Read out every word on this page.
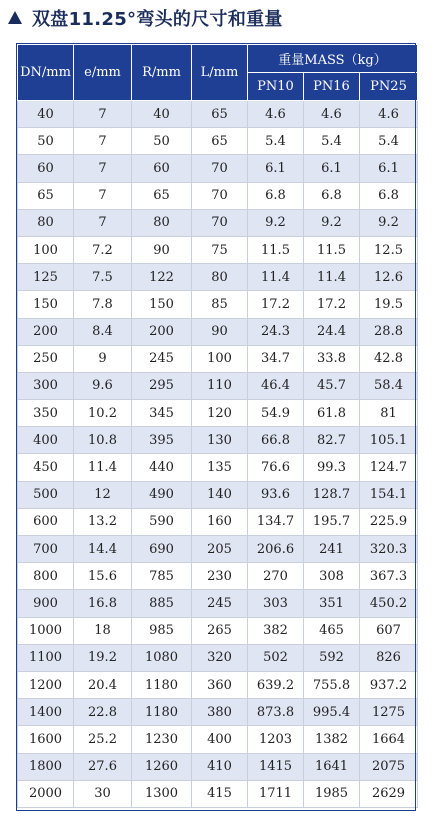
双盘11.25°弯头的尺寸和重量
DN/mm	e/mm	R/mm	L/mm	重量MASS（kg）		
				PN10	PN16	PN25
40	7	40	65	4.6	4.6	4.6
50	7	50	65	5.4	5.4	5.4
60	7	60	70	6.1	6.1	6.1
65	7	65	70	6.8	6.8	6.8
80	7	80	70	9.2	9.2	9.2
100	7.2	90	75	11.5	11.5	12.5
125	7.5	122	80	11.4	11.4	12.6
150	7.8	150	85	17.2	17.2	19.5
200	8.4	200	90	24.3	24.4	28.8
250	9	245	100	34.7	33.8	42.8
300	9.6	295	110	46.4	45.7	58.4
350	10.2	345	120	54.9	61.8	81
400	10.8	395	130	66.8	82.7	105.1
450	11.4	440	135	76.6	99.3	124.7
500	12	490	140	93.6	128.7	154.1
600	13.2	590	160	134.7	195.7	225.9
700	14.4	690	205	206.6	241	320.3
800	15.6	785	230	270	308	367.3
900	16.8	885	245	303	351	450.2
1000	18	985	265	382	465	607
1100	19.2	1080	320	502	592	826
1200	20.4	1180	360	639.2	755.8	937.2
1400	22.8	1180	380	873.8	995.4	1275
1600	25.2	1230	400	1203	1382	1664
1800	27.6	1260	410	1415	1641	2075
2000	30	1300	415	1711	1985	2629
